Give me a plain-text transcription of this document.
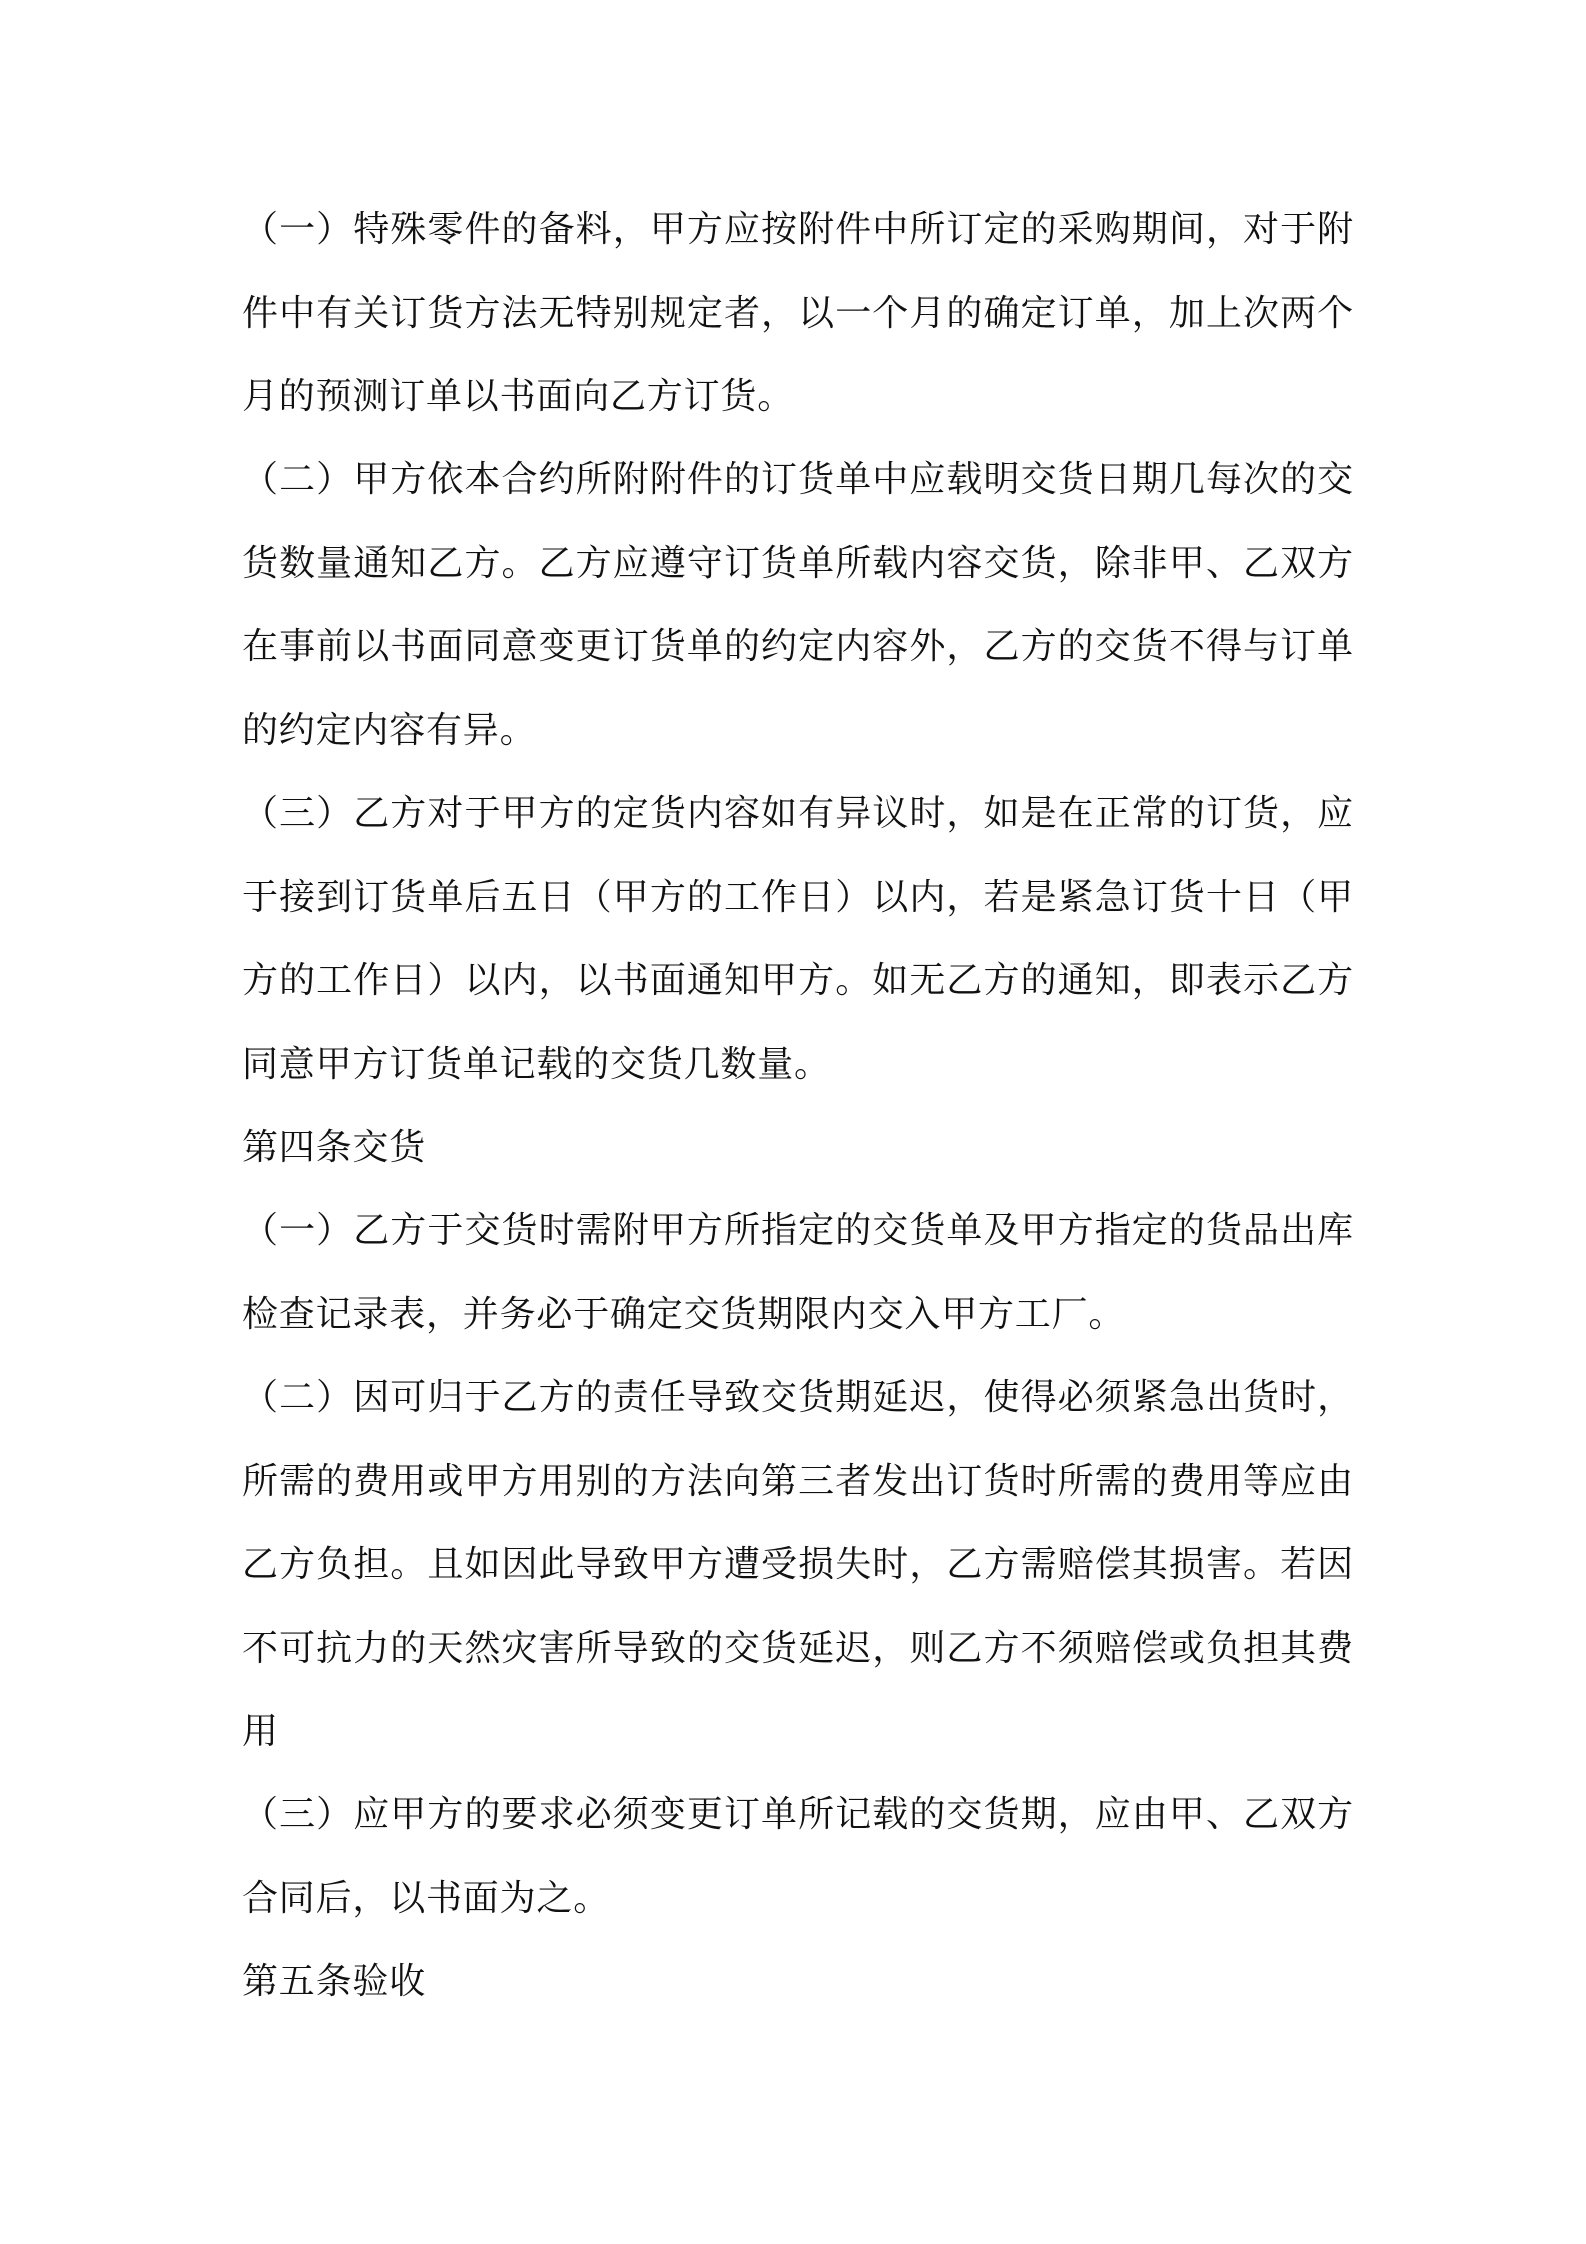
（一）特殊零件的备料，甲方应按附件中所订定的采购期间，对于附件中有关订货方法无特别规定者，以一个月的确定订单，加上次两个月的预测订单以书面向乙方订货。

（二）甲方依本合约所附附件的订货单中应载明交货日期几每次的交货数量通知乙方。乙方应遵守订货单所载内容交货，除非甲、乙双方在事前以书面同意变更订货单的约定内容外，乙方的交货不得与订单的约定内容有异。

（三）乙方对于甲方的定货内容如有异议时，如是在正常的订货，应于接到订货单后五日（甲方的工作日）以内，若是紧急订货十日（甲方的工作日）以内，以书面通知甲方。如无乙方的通知，即表示乙方同意甲方订货单记载的交货几数量。

第四条交货

（一）乙方于交货时需附甲方所指定的交货单及甲方指定的货品出库检查记录表，并务必于确定交货期限内交入甲方工厂。

（二）因可归于乙方的责任导致交货期延迟，使得必须紧急出货时，所需的费用或甲方用别的方法向第三者发出订货时所需的费用等应由乙方负担。且如因此导致甲方遭受损失时，乙方需赔偿其损害。若因不可抗力的天然灾害所导致的交货延迟，则乙方不须赔偿或负担其费用

（三）应甲方的要求必须变更订单所记载的交货期，应由甲、乙双方合同后，以书面为之。

第五条验收
